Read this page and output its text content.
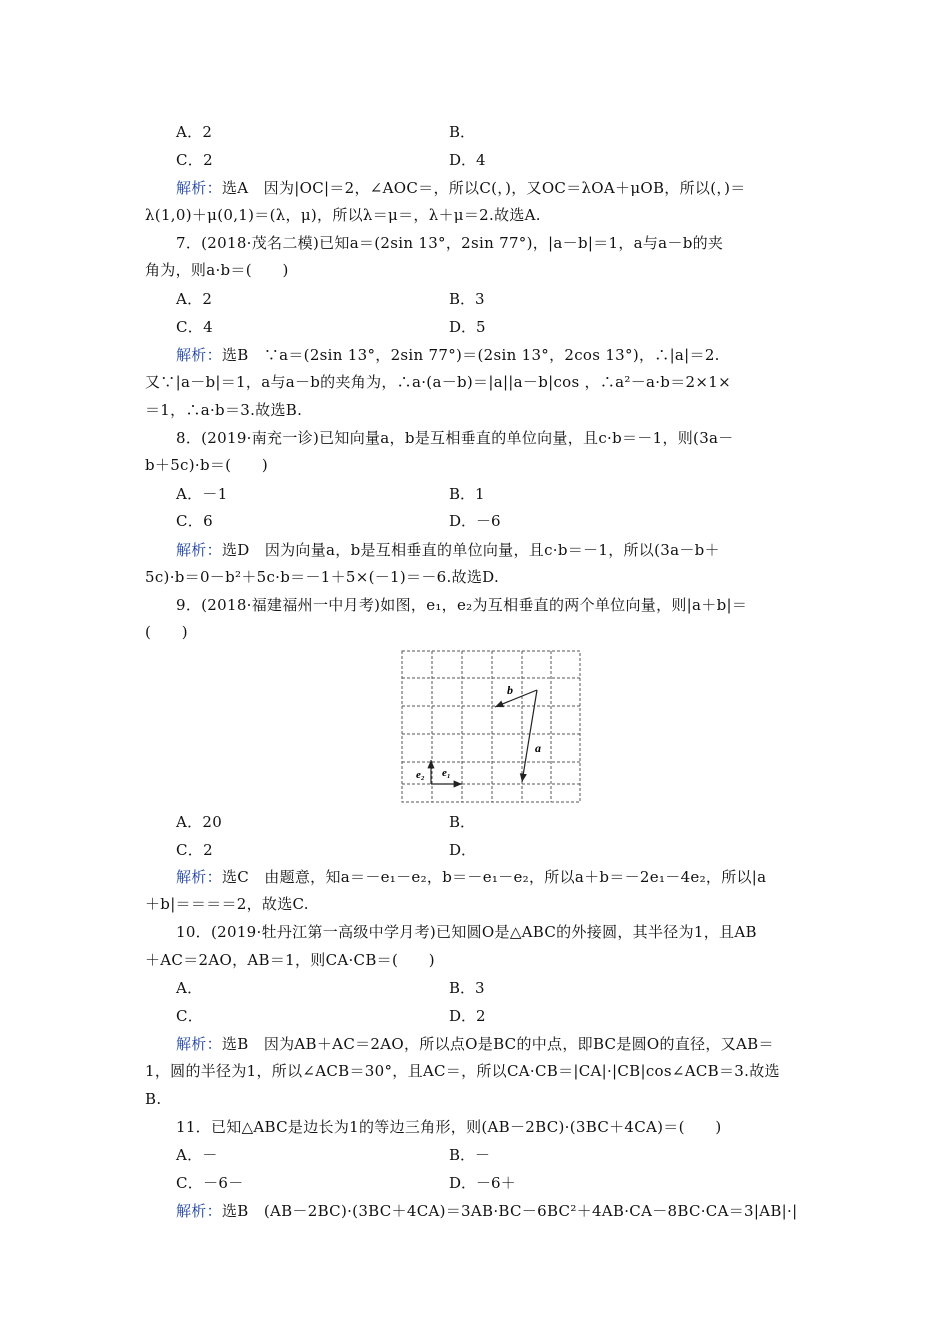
A．2	B．
C．2	D．4
解析：选A　因为|OC|＝2，∠AOC＝，所以C(，)，又OC＝λOA＋μOB，所以(，)＝
λ(1,0)＋μ(0,1)＝(λ，μ)，所以λ＝μ＝，λ＋μ＝2.故选A.
7．(2018·茂名二模)已知a＝(2sin 13°，2sin 77°)，|a－b|＝1，a与a－b的夹
角为，则a·b＝(　　)
A．2	B．3
C．4	D．5
解析：选B　∵a＝(2sin 13°，2sin 77°)＝(2sin 13°，2cos 13°)，∴|a|＝2.
又∵|a－b|＝1，a与a－b的夹角为，∴a·(a－b)＝|a||a－b|cos ，∴a²－a·b＝2×1×
＝1，∴a·b＝3.故选B.
8．(2019·南充一诊)已知向量a，b是互相垂直的单位向量，且c·b＝－1，则(3a－
b＋5c)·b＝(　　)
A．－1	B．1
C．6	D．－6
解析：选D　因为向量a，b是互相垂直的单位向量，且c·b＝－1，所以(3a－b＋
5c)·b＝0－b²＋5c·b＝－1＋5×(－1)＝－6.故选D.
9．(2018·福建福州一中月考)如图，e₁，e₂为互相垂直的两个单位向量，则|a＋b|＝
(　　)
b
a
e₂ e₁
A．20	B．
C．2	D．
解析：选C　由题意，知a＝－e₁－e₂，b＝－e₁－e₂，所以a＋b＝－2e₁－4e₂，所以|a
＋b|＝＝＝＝2，故选C.
10．(2019·牡丹江第一高级中学月考)已知圆O是△ABC的外接圆，其半径为1，且AB
＋AC＝2AO，AB＝1，则CA·CB＝(　　)
A．	B．3
C．	D．2
解析：选B　因为AB＋AC＝2AO，所以点O是BC的中点，即BC是圆O的直径，又AB＝
1，圆的半径为1，所以∠ACB＝30°，且AC＝，所以CA·CB＝|CA|·|CB|cos∠ACB＝3.故选
B.
11．已知△ABC是边长为1的等边三角形，则(AB－2BC)·(3BC＋4CA)＝(　　)
A．－	B．－
C．－6－	D．－6＋
解析：选B　(AB－2BC)·(3BC＋4CA)＝3AB·BC－6BC²＋4AB·CA－8BC·CA＝3|AB|·|
